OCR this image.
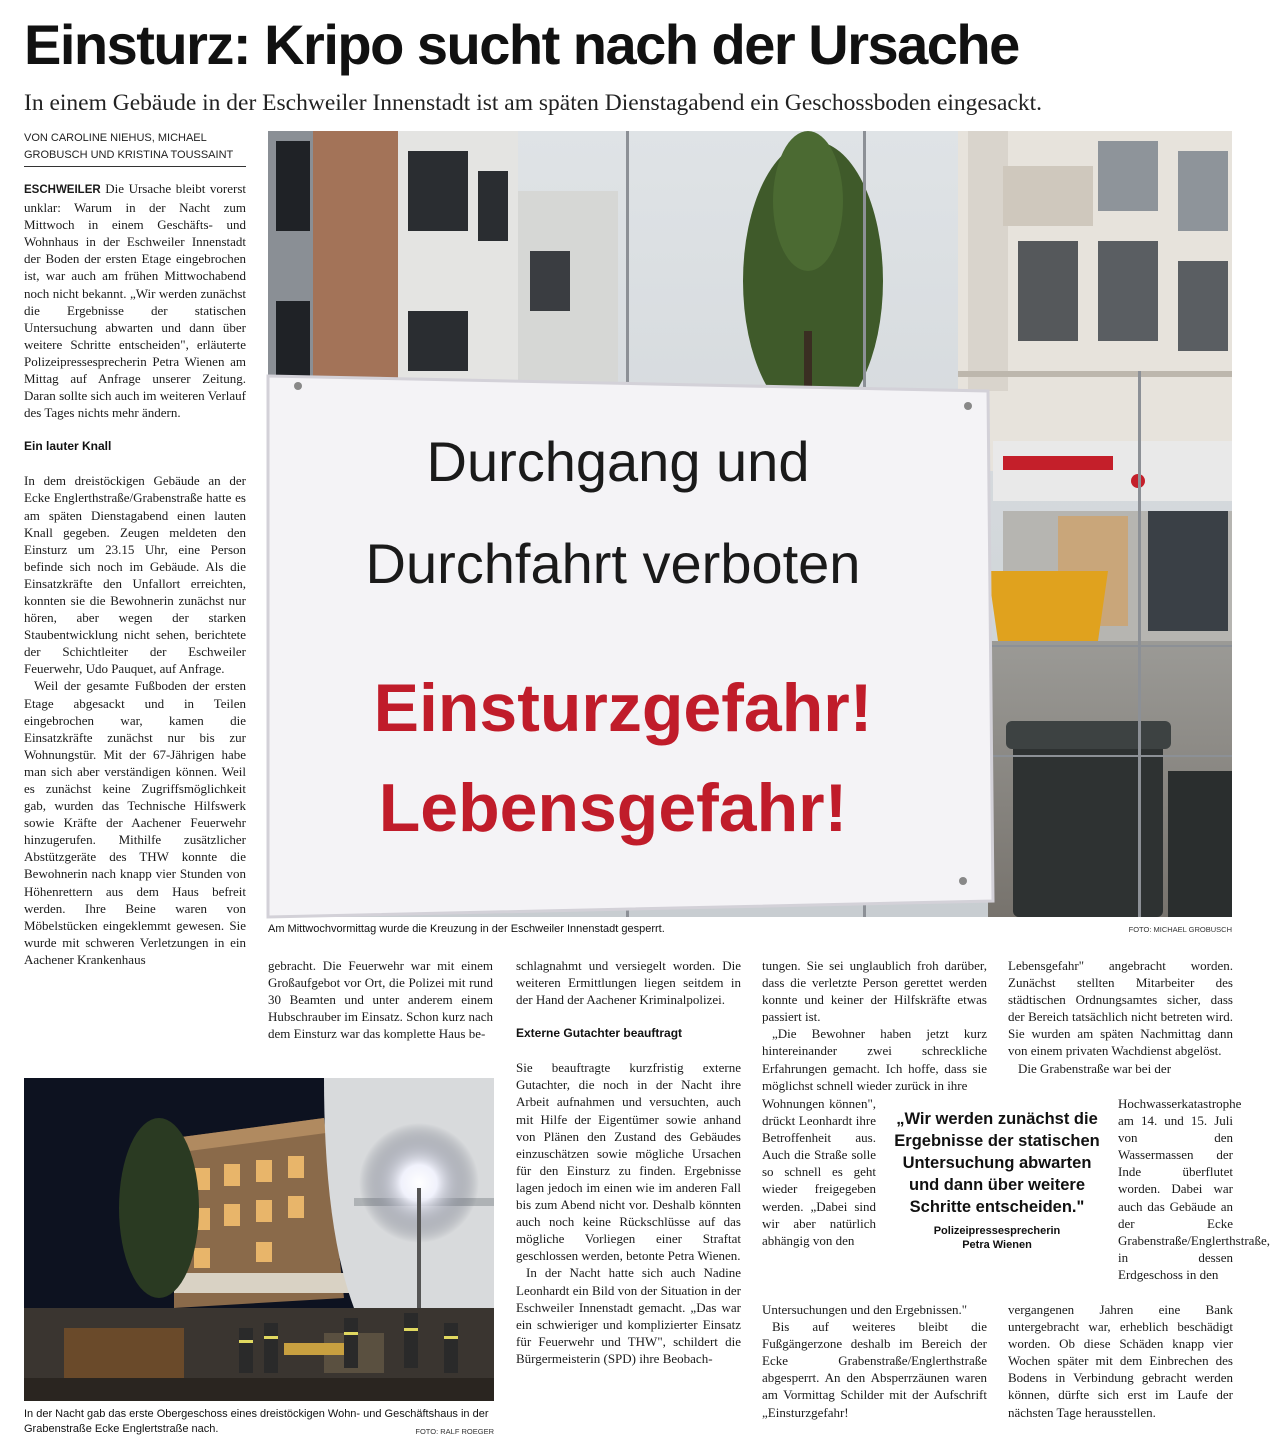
Einsturz: Kripo sucht nach der Ursache
In einem Gebäude in der Eschweiler Innenstadt ist am späten Dienstagabend ein Geschossboden eingesackt.
VON CAROLINE NIEHUS, MICHAEL
GROBUSCH UND KRISTINA TOUSSAINT
Durchgang und
Durchfahrt verboten
Einsturzgefahr!
Lebensgefahr!
Am Mittwochvormittag wurde die Kreuzung in der Eschweiler Innenstadt gesperrt.	FOTO: MICHAEL GROBUSCH

ESCHWEILER Die Ursache bleibt vorerst unklar: Warum in der Nacht zum Mittwoch in einem Geschäfts- und Wohnhaus in der Eschweiler Innenstadt der Boden der ersten Etage eingebrochen ist, war auch am frühen Mittwochabend noch nicht bekannt. „Wir werden zunächst die Ergebnisse der statischen Untersuchung abwarten und dann über weitere Schritte entscheiden", erläuterte Polizeipressesprecherin Petra Wienen am Mittag auf Anfrage unserer Zeitung. Daran sollte sich auch im weiteren Verlauf des Tages nichts mehr ändern.

Ein lauter Knall

In dem dreistöckigen Gebäude an der Ecke Englerthstraße/Grabenstraße hatte es am späten Dienstagabend einen lauten Knall gegeben. Zeugen meldeten den Einsturz um 23.15 Uhr, eine Person befinde sich noch im Gebäude. Als die Einsatzkräfte den Unfallort erreichten, konnten sie die Bewohnerin zunächst nur hören, aber wegen der starken Staubentwicklung nicht sehen, berichtete der Schichtleiter der Eschweiler Feuerwehr, Udo Pauquet, auf Anfrage.

Weil der gesamte Fußboden der ersten Etage abgesackt und in Teilen eingebrochen war, kamen die Einsatzkräfte zunächst nur bis zur Wohnungstür. Mit der 67-Jährigen habe man sich aber verständigen können. Weil es zunächst keine Zugriffsmöglichkeit gab, wurden das Technische Hilfswerk sowie Kräfte der Aachener Feuerwehr hinzugerufen. Mithilfe zusätzlicher Abstützgeräte des THW konnte die Bewohnerin nach knapp vier Stunden von Höhenrettern aus dem Haus befreit werden. Ihre Beine waren von Möbelstücken eingeklemmt gewesen. Sie wurde mit schweren Verletzungen in ein Aachener Krankenhaus	gebracht. Die Feuerwehr war mit einem Großaufgebot vor Ort, die Polizei mit rund 30 Beamten und unter anderem einem Hubschrauber im Einsatz. Schon kurz nach dem Einsturz war das komplette Haus be-

In der Nacht gab das erste Obergeschoss eines dreistöckigen Wohn- und Geschäftshaus in der Grabenstraße Ecke Englertstraße nach.	FOTO: RALF ROEGER

schlagnahmt und versiegelt worden. Die weiteren Ermittlungen liegen seitdem in der Hand der Aachener Kriminalpolizei.

Externe Gutachter beauftragt

Sie beauftragte kurzfristig externe Gutachter, die noch in der Nacht ihre Arbeit aufnahmen und versuchten, auch mit Hilfe der Eigentümer sowie anhand von Plänen den Zustand des Gebäudes einzuschätzen sowie mögliche Ursachen für den Einsturz zu finden. Ergebnisse lagen jedoch im einen wie im anderen Fall bis zum Abend nicht vor. Deshalb könnten auch noch keine Rückschlüsse auf das mögliche Vorliegen einer Straftat geschlossen werden, betonte Petra Wienen.

In der Nacht hatte sich auch Nadine Leonhardt ein Bild von der Situation in der Eschweiler Innenstadt gemacht. „Das war ein schwieriger und komplizierter Einsatz für Feuerwehr und THW", schildert die Bürgermeisterin (SPD) ihre Beobach-

tungen. Sie sei unglaublich froh darüber, dass die verletzte Person gerettet werden konnte und keiner der Hilfskräfte etwas passiert ist.

„Die Bewohner haben jetzt kurz hintereinander zwei schreckliche Erfahrungen gemacht. Ich hoffe, dass sie möglichst schnell wieder zurück in ihre

Wohnungen können", drückt Leonhardt ihre Betroffenheit aus. Auch die Straße solle so schnell es geht wieder freigegeben werden. „Dabei sind wir aber natürlich abhängig von den

Untersuchungen und den Ergebnissen."

Bis auf weiteres bleibt die Fußgängerzone deshalb im Bereich der Ecke Grabenstraße/Englerthstraße abgesperrt. An den Absperrzäunen waren am Vormittag Schilder mit der Aufschrift „Einsturzgefahr!

„Wir werden zunächst die Ergebnisse der statischen Untersuchung abwarten und dann über weitere Schritte entscheiden."
Polizeipressesprecherin
Petra Wienen

Lebensgefahr" angebracht worden. Zunächst stellten Mitarbeiter des städtischen Ordnungsamtes sicher, dass der Bereich tatsächlich nicht betreten wird. Sie wurden am späten Nachmittag dann von einem privaten Wachdienst abgelöst.

Die Grabenstraße war bei der

Hochwasserkatastrophe am 14. und 15. Juli von den Wassermassen der Inde überflutet worden. Dabei war auch das Gebäude an der Ecke Grabenstraße/Englerthstraße, in dessen Erdgeschoss in den

vergangenen Jahren eine Bank untergebracht war, erheblich beschädigt worden. Ob diese Schäden knapp vier Wochen später mit dem Einbrechen des Bodens in Verbindung gebracht werden können, dürfte sich erst im Laufe der nächsten Tage herausstellen.
